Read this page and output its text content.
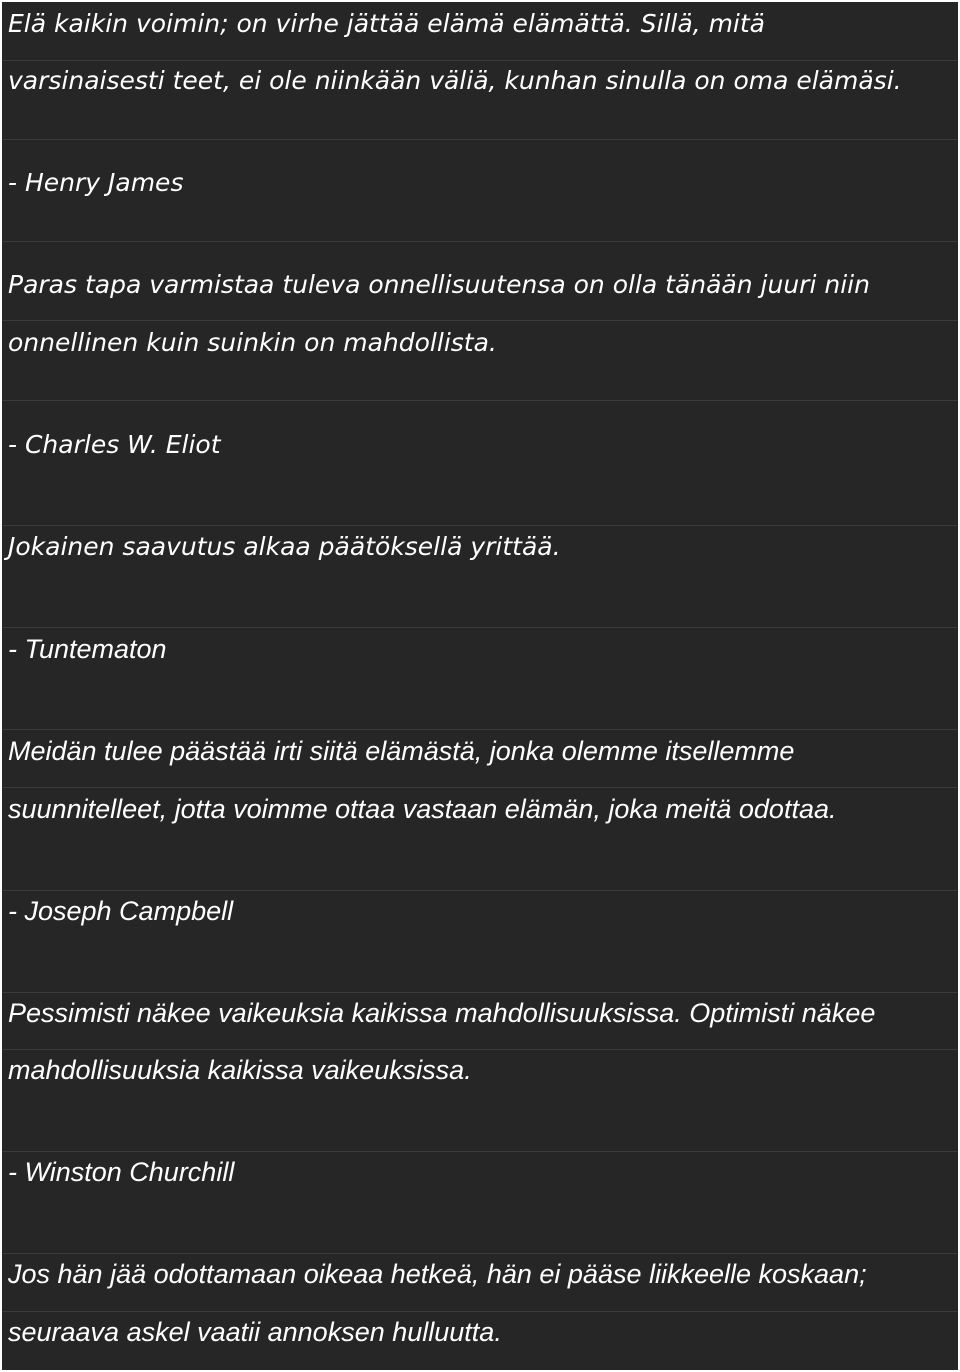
Elä kaikin voimin; on virhe jättää elämä elämättä. Sillä, mitä
varsinaisesti teet, ei ole niinkään väliä, kunhan sinulla on oma elämäsi.
- Henry James
Paras tapa varmistaa tuleva onnellisuutensa on olla tänään juuri niin
onnellinen kuin suinkin on mahdollista.
- Charles W. Eliot
Jokainen saavutus alkaa päätöksellä yrittää.
- Tuntematon
Meidän tulee päästää irti siitä elämästä, jonka olemme itsellemme
suunnitelleet, jotta voimme ottaa vastaan elämän, joka meitä odottaa.
- Joseph Campbell
Pessimisti näkee vaikeuksia kaikissa mahdollisuuksissa. Optimisti näkee
mahdollisuuksia kaikissa vaikeuksissa.
- Winston Churchill
Jos hän jää odottamaan oikeaa hetkeä, hän ei pääse liikkeelle koskaan;
seuraava askel vaatii annoksen hulluutta.
